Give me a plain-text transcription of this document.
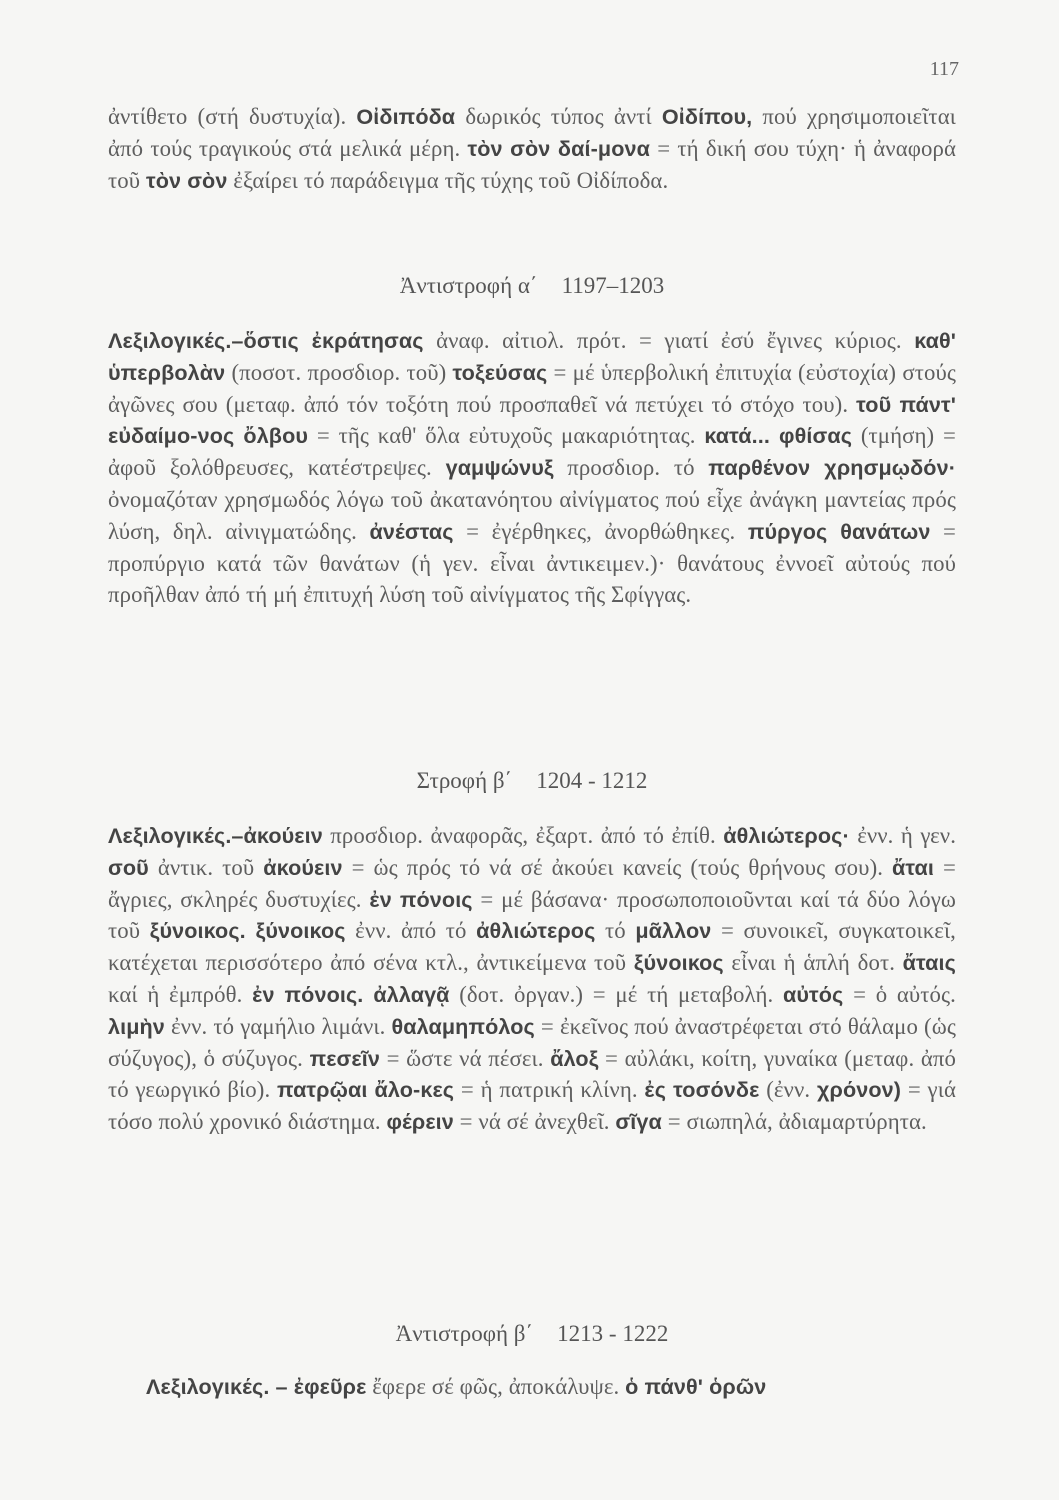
117
ἀντίθετο (στή δυστυχία). Οἰδιπόδα δωρικός τύπος ἀντί Οἰδίπου, πού χρησιμοποιεῖται ἀπό τούς τραγικούς στά μελικά μέρη. τὸν σὸν δαί-μονα = τή δική σου τύχη· ἡ ἀναφορά τοῦ τὸν σὸν ἐξαίρει τό παράδειγμα τῆς τύχης τοῦ Οἰδίποδα.
Ἀντιστροφή α΄ 1197–1203
Λεξιλογικές.–ὅστις ἐκράτησας ἀναφ. αἰτιολ. πρότ. = γιατί ἐσύ ἔγινες κύριος. καθ' ὑπερβολὰν (ποσοτ. προσδιορ. τοῦ) τοξεύσας = μέ ὑπερβολική ἐπιτυχία (εὐστοχία) στούς ἀγῶνες σου (μεταφ. ἀπό τόν τοξότη πού προσπαθεῖ νά πετύχει τό στόχο του). τοῦ πάντ' εὐδαίμο-νος ὄλβου = τῆς καθ' ὅλα εὐτυχοῦς μακαριότητας. κατά... φθίσας (τμήση) = ἀφοῦ ξολόθρευσες, κατέστρεψες. γαμψώνυξ προσδιορ. τό παρθένον χρησμῳδόν· ὀνομαζόταν χρησμωδός λόγω τοῦ ἀκατανόητου αἰνίγματος πού εἶχε ἀνάγκη μαντείας πρός λύση, δηλ. αἰνιγματώδης. ἀνέστας = ἐγέρθηκες, ἀνορθώθηκες. πύργος θανάτων = προπύργιο κατά τῶν θανάτων (ἡ γεν. εἶναι ἀντικειμεν.)· θανάτους ἐννοεῖ αὐτούς πού προῆλθαν ἀπό τή μή ἐπιτυχή λύση τοῦ αἰνίγματος τῆς Σφίγγας.
Στροφή β΄ 1204 - 1212
Λεξιλογικές.–ἀκούειν προσδιορ. ἀναφορᾶς, ἐξαρτ. ἀπό τό ἐπίθ. ἀθλιώτερος· ἐνν. ἡ γεν. σοῦ ἀντικ. τοῦ ἀκούειν = ὡς πρός τό νά σέ ἀκούει κανείς (τούς θρήνους σου). ἄται = ἄγριες, σκληρές δυστυχίες. ἐν πόνοις = μέ βάσανα· προσωποποιοῦνται καί τά δύο λόγω τοῦ ξύνοικος. ξύνοικος ἐνν. ἀπό τό ἀθλιώτερος τό μᾶλλον = συνοικεῖ, συγκατοικεῖ, κατέχεται περισσότερο ἀπό σένα κτλ., ἀντικείμενα τοῦ ξύνοικος εἶναι ἡ ἁπλή δοτ. ἄταις καί ἡ ἐμπρόθ. ἐν πόνοις. ἀλλαγᾷ (δοτ. ὀργαν.) = μέ τή μεταβολή. αὐτός = ὁ αὐτός. λιμὴν ἐνν. τό γαμήλιο λιμάνι. θαλαμηπόλος = ἐκεῖνος πού ἀναστρέφεται στό θάλαμο (ὡς σύζυγος), ὁ σύζυγος. πεσεῖν = ὥστε νά πέσει. ἄλοξ = αὐλάκι, κοίτη, γυναίκα (μεταφ. ἀπό τό γεωργικό βίο). πατρῷαι ἄλο-κες = ἡ πατρική κλίνη. ἐς τοσόνδε (ἐνν. χρόνον) = γιά τόσο πολύ χρονικό διάστημα. φέρειν = νά σέ ἀνεχθεῖ. σῖγα = σιωπηλά, ἀδιαμαρτύρητα.
Ἀντιστροφή β΄ 1213 - 1222
Λεξιλογικές. – ἐφεῦρε ἔφερε σέ φῶς, ἀποκάλυψε. ὁ πάνθ' ὁρῶν
